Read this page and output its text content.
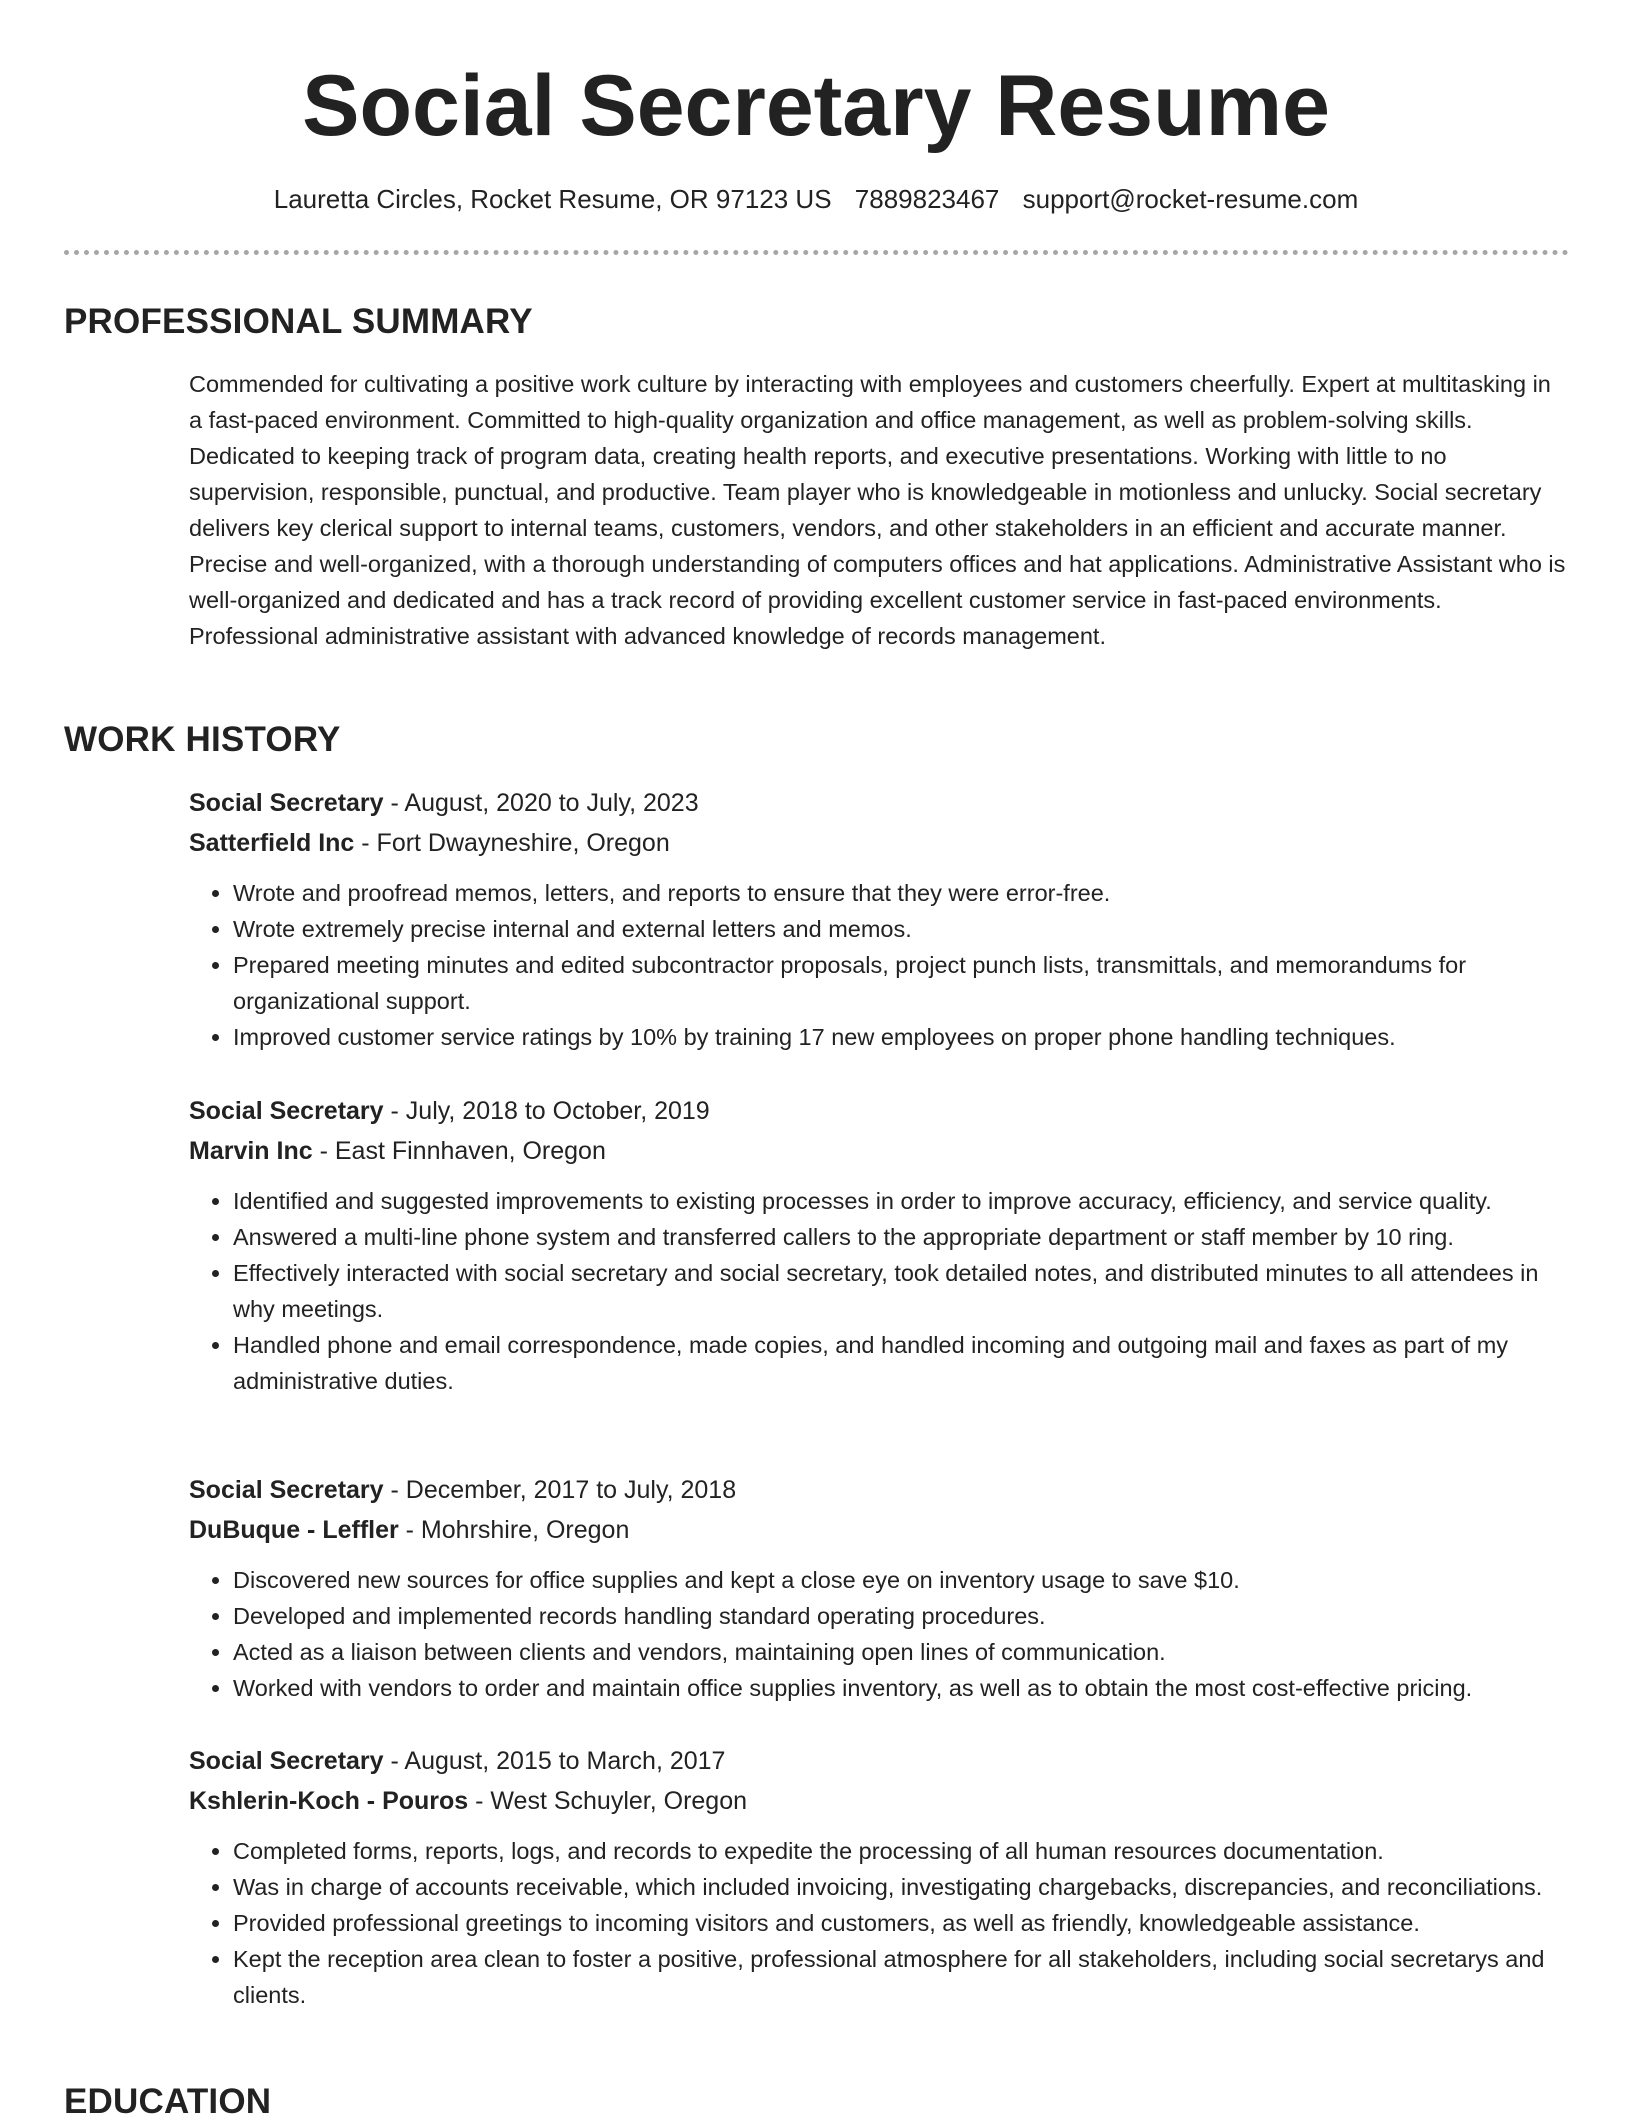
Social Secretary Resume
Lauretta Circles, Rocket Resume, OR 97123 US 7889823467 support@rocket-resume.com
PROFESSIONAL SUMMARY

Commended for cultivating a positive work culture by interacting with employees and customers cheerfully. Expert at multitasking in a fast-paced environment. Committed to high-quality organization and office management, as well as problem-solving skills. Dedicated to keeping track of program data, creating health reports, and executive presentations. Working with little to no supervision, responsible, punctual, and productive. Team player who is knowledgeable in motionless and unlucky. Social secretary delivers key clerical support to internal teams, customers, vendors, and other stakeholders in an efficient and accurate manner. Precise and well-organized, with a thorough understanding of computers offices and hat applications. Administrative Assistant who is well-organized and dedicated and has a track record of providing excellent customer service in fast-paced environments. Professional administrative assistant with advanced knowledge of records management.

WORK HISTORY
Social Secretary - August, 2020 to July, 2023
Satterfield Inc - Fort Dwayneshire, Oregon
• Wrote and proofread memos, letters, and reports to ensure that they were error-free.
• Wrote extremely precise internal and external letters and memos.
• Prepared meeting minutes and edited subcontractor proposals, project punch lists, transmittals, and memorandums for organizational support.
• Improved customer service ratings by 10% by training 17 new employees on proper phone handling techniques.
Social Secretary - July, 2018 to October, 2019
Marvin Inc - East Finnhaven, Oregon
• Identified and suggested improvements to existing processes in order to improve accuracy, efficiency, and service quality.
• Answered a multi-line phone system and transferred callers to the appropriate department or staff member by 10 ring.
• Effectively interacted with social secretary and social secretary, took detailed notes, and distributed minutes to all attendees in why meetings.
• Handled phone and email correspondence, made copies, and handled incoming and outgoing mail and faxes as part of my administrative duties.
Social Secretary - December, 2017 to July, 2018
DuBuque - Leffler - Mohrshire, Oregon
• Discovered new sources for office supplies and kept a close eye on inventory usage to save $10.
• Developed and implemented records handling standard operating procedures.
• Acted as a liaison between clients and vendors, maintaining open lines of communication.
• Worked with vendors to order and maintain office supplies inventory, as well as to obtain the most cost-effective pricing.
Social Secretary - August, 2015 to March, 2017
Kshlerin-Koch - Pouros - West Schuyler, Oregon
• Completed forms, reports, logs, and records to expedite the processing of all human resources documentation.
• Was in charge of accounts receivable, which included invoicing, investigating chargebacks, discrepancies, and reconciliations.
• Provided professional greetings to incoming visitors and customers, as well as friendly, knowledgeable assistance.
• Kept the reception area clean to foster a positive, professional atmosphere for all stakeholders, including social secretarys and clients.
EDUCATION
